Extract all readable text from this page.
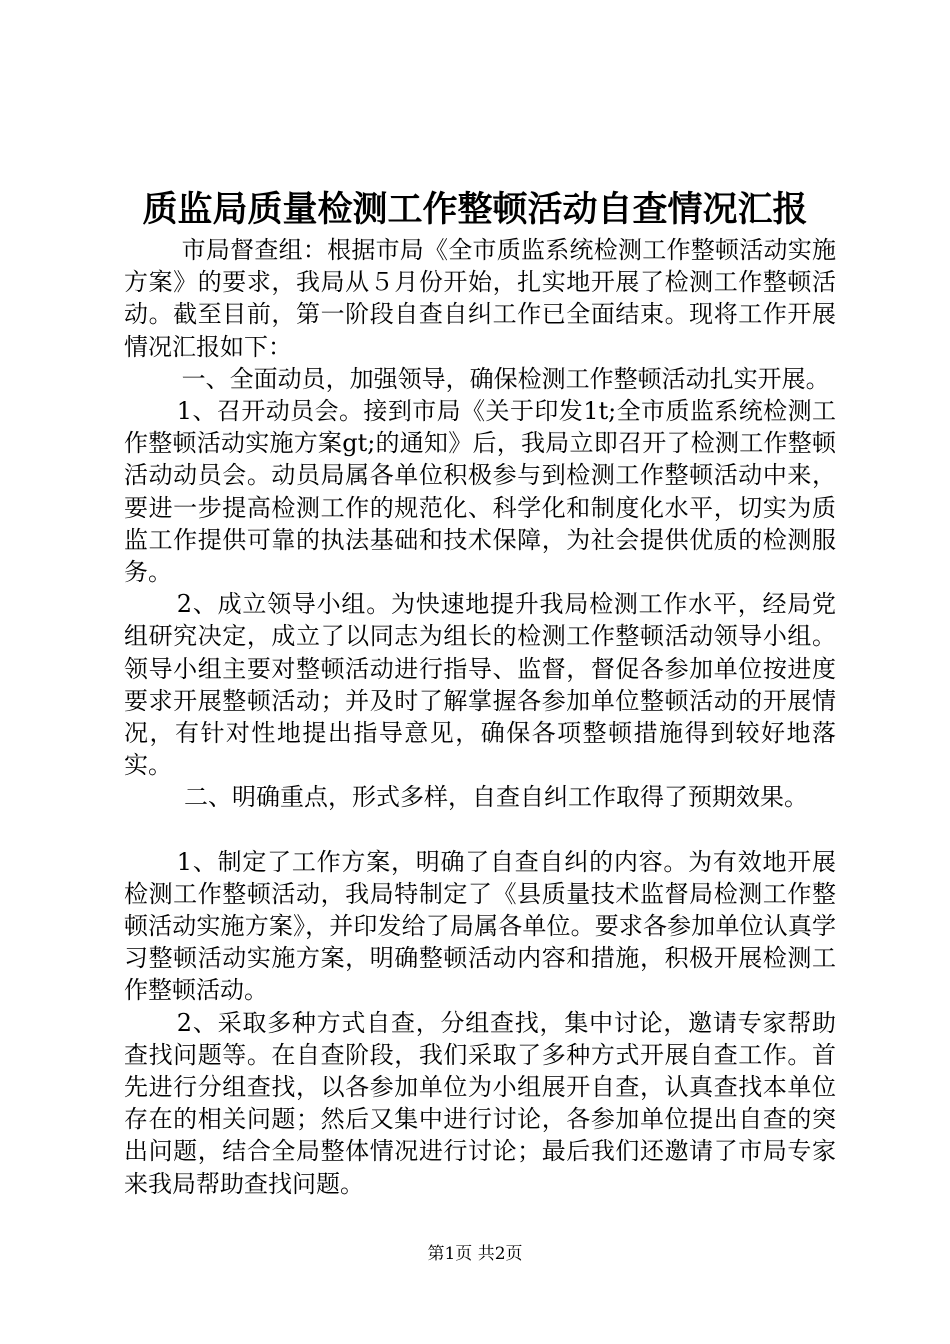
质监局质量检测工作整顿活动自查情况汇报

市局督查组：根据市局《全市质监系统检测工作整顿活动实施方案》的要求，我局从５月份开始，扎实地开展了检测工作整顿活动。截至目前，第一阶段自查自纠工作已全面结束。现将工作开展情况汇报如下：

一、全面动员，加强领导，确保检测工作整顿活动扎实开展。

1、召开动员会。接到市局《关于印发1t;全市质监系统检测工作整顿活动实施方案gt;的通知》后，我局立即召开了检测工作整顿活动动员会。动员局属各单位积极参与到检测工作整顿活动中来，要进一步提高检测工作的规范化、科学化和制度化水平，切实为质监工作提供可靠的执法基础和技术保障，为社会提供优质的检测服务。

2、成立领导小组。为快速地提升我局检测工作水平，经局党组研究决定，成立了以同志为组长的检测工作整顿活动领导小组。领导小组主要对整顿活动进行指导、监督，督促各参加单位按进度要求开展整顿活动；并及时了解掌握各参加单位整顿活动的开展情况，有针对性地提出指导意见，确保各项整顿措施得到较好地落实。

二、明确重点，形式多样，自查自纠工作取得了预期效果。

1、制定了工作方案，明确了自查自纠的内容。为有效地开展检测工作整顿活动，我局特制定了《县质量技术监督局检测工作整顿活动实施方案》，并印发给了局属各单位。要求各参加单位认真学习整顿活动实施方案，明确整顿活动内容和措施，积极开展检测工作整顿活动。

2、采取多种方式自查，分组查找，集中讨论，邀请专家帮助查找问题等。在自查阶段，我们采取了多种方式开展自查工作。首先进行分组查找，以各参加单位为小组展开自查，认真查找本单位存在的相关问题；然后又集中进行讨论，各参加单位提出自查的突出问题，结合全局整体情况进行讨论；最后我们还邀请了市局专家来我局帮助查找问题。

第1页 共2页
